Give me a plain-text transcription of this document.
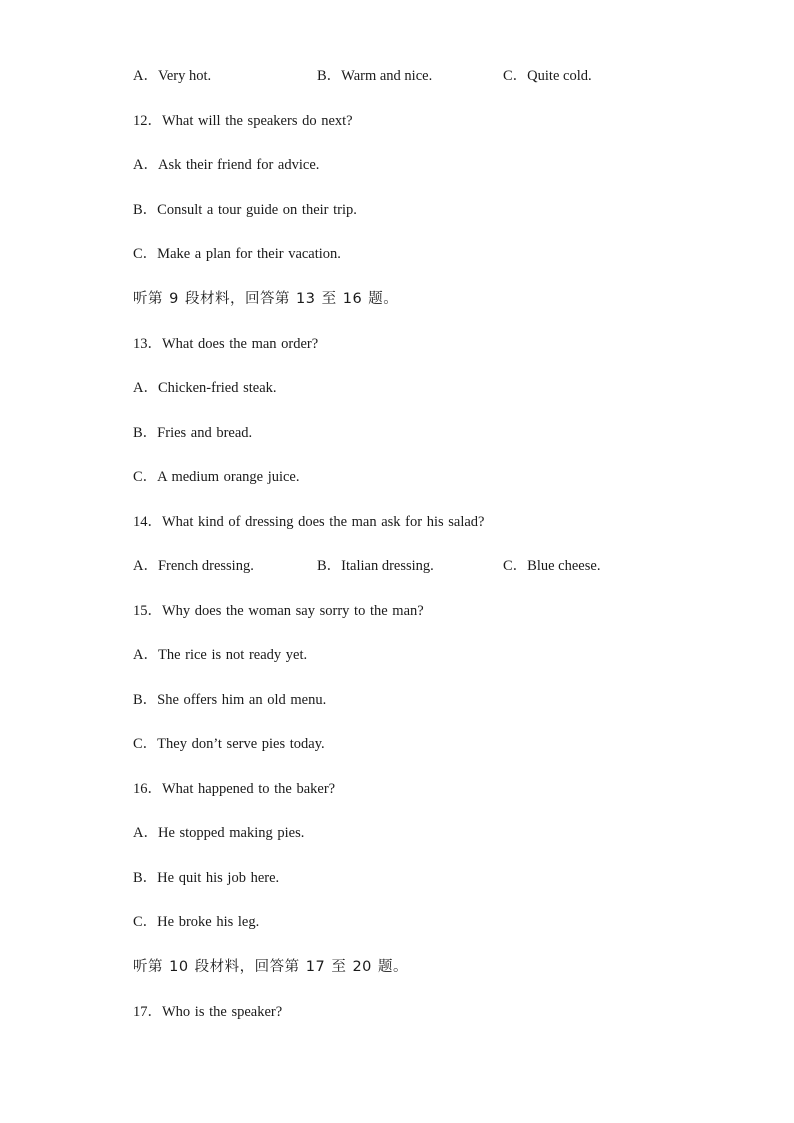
A．Very hot.	B．Warm and nice.	C．Quite cold.
12．What will the speakers do next?
A．Ask their friend for advice.
B．Consult a tour guide on their trip.
C．Make a plan for their vacation.
听第 9 段材料，回答第 13 至 16 题。
13．What does the man order?
A．Chicken-fried steak.
B．Fries and bread.
C．A medium orange juice.
14．What kind of dressing does the man ask for his salad?
A．French dressing.	B．Italian dressing.	C．Blue cheese.
15．Why does the woman say sorry to the man?
A．The rice is not ready yet.
B．She offers him an old menu.
C．They don’t serve pies today.
16．What happened to the baker?
A．He stopped making pies.
B．He quit his job here.
C．He broke his leg.
听第 10 段材料，回答第 17 至 20 题。
17．Who is the speaker?
